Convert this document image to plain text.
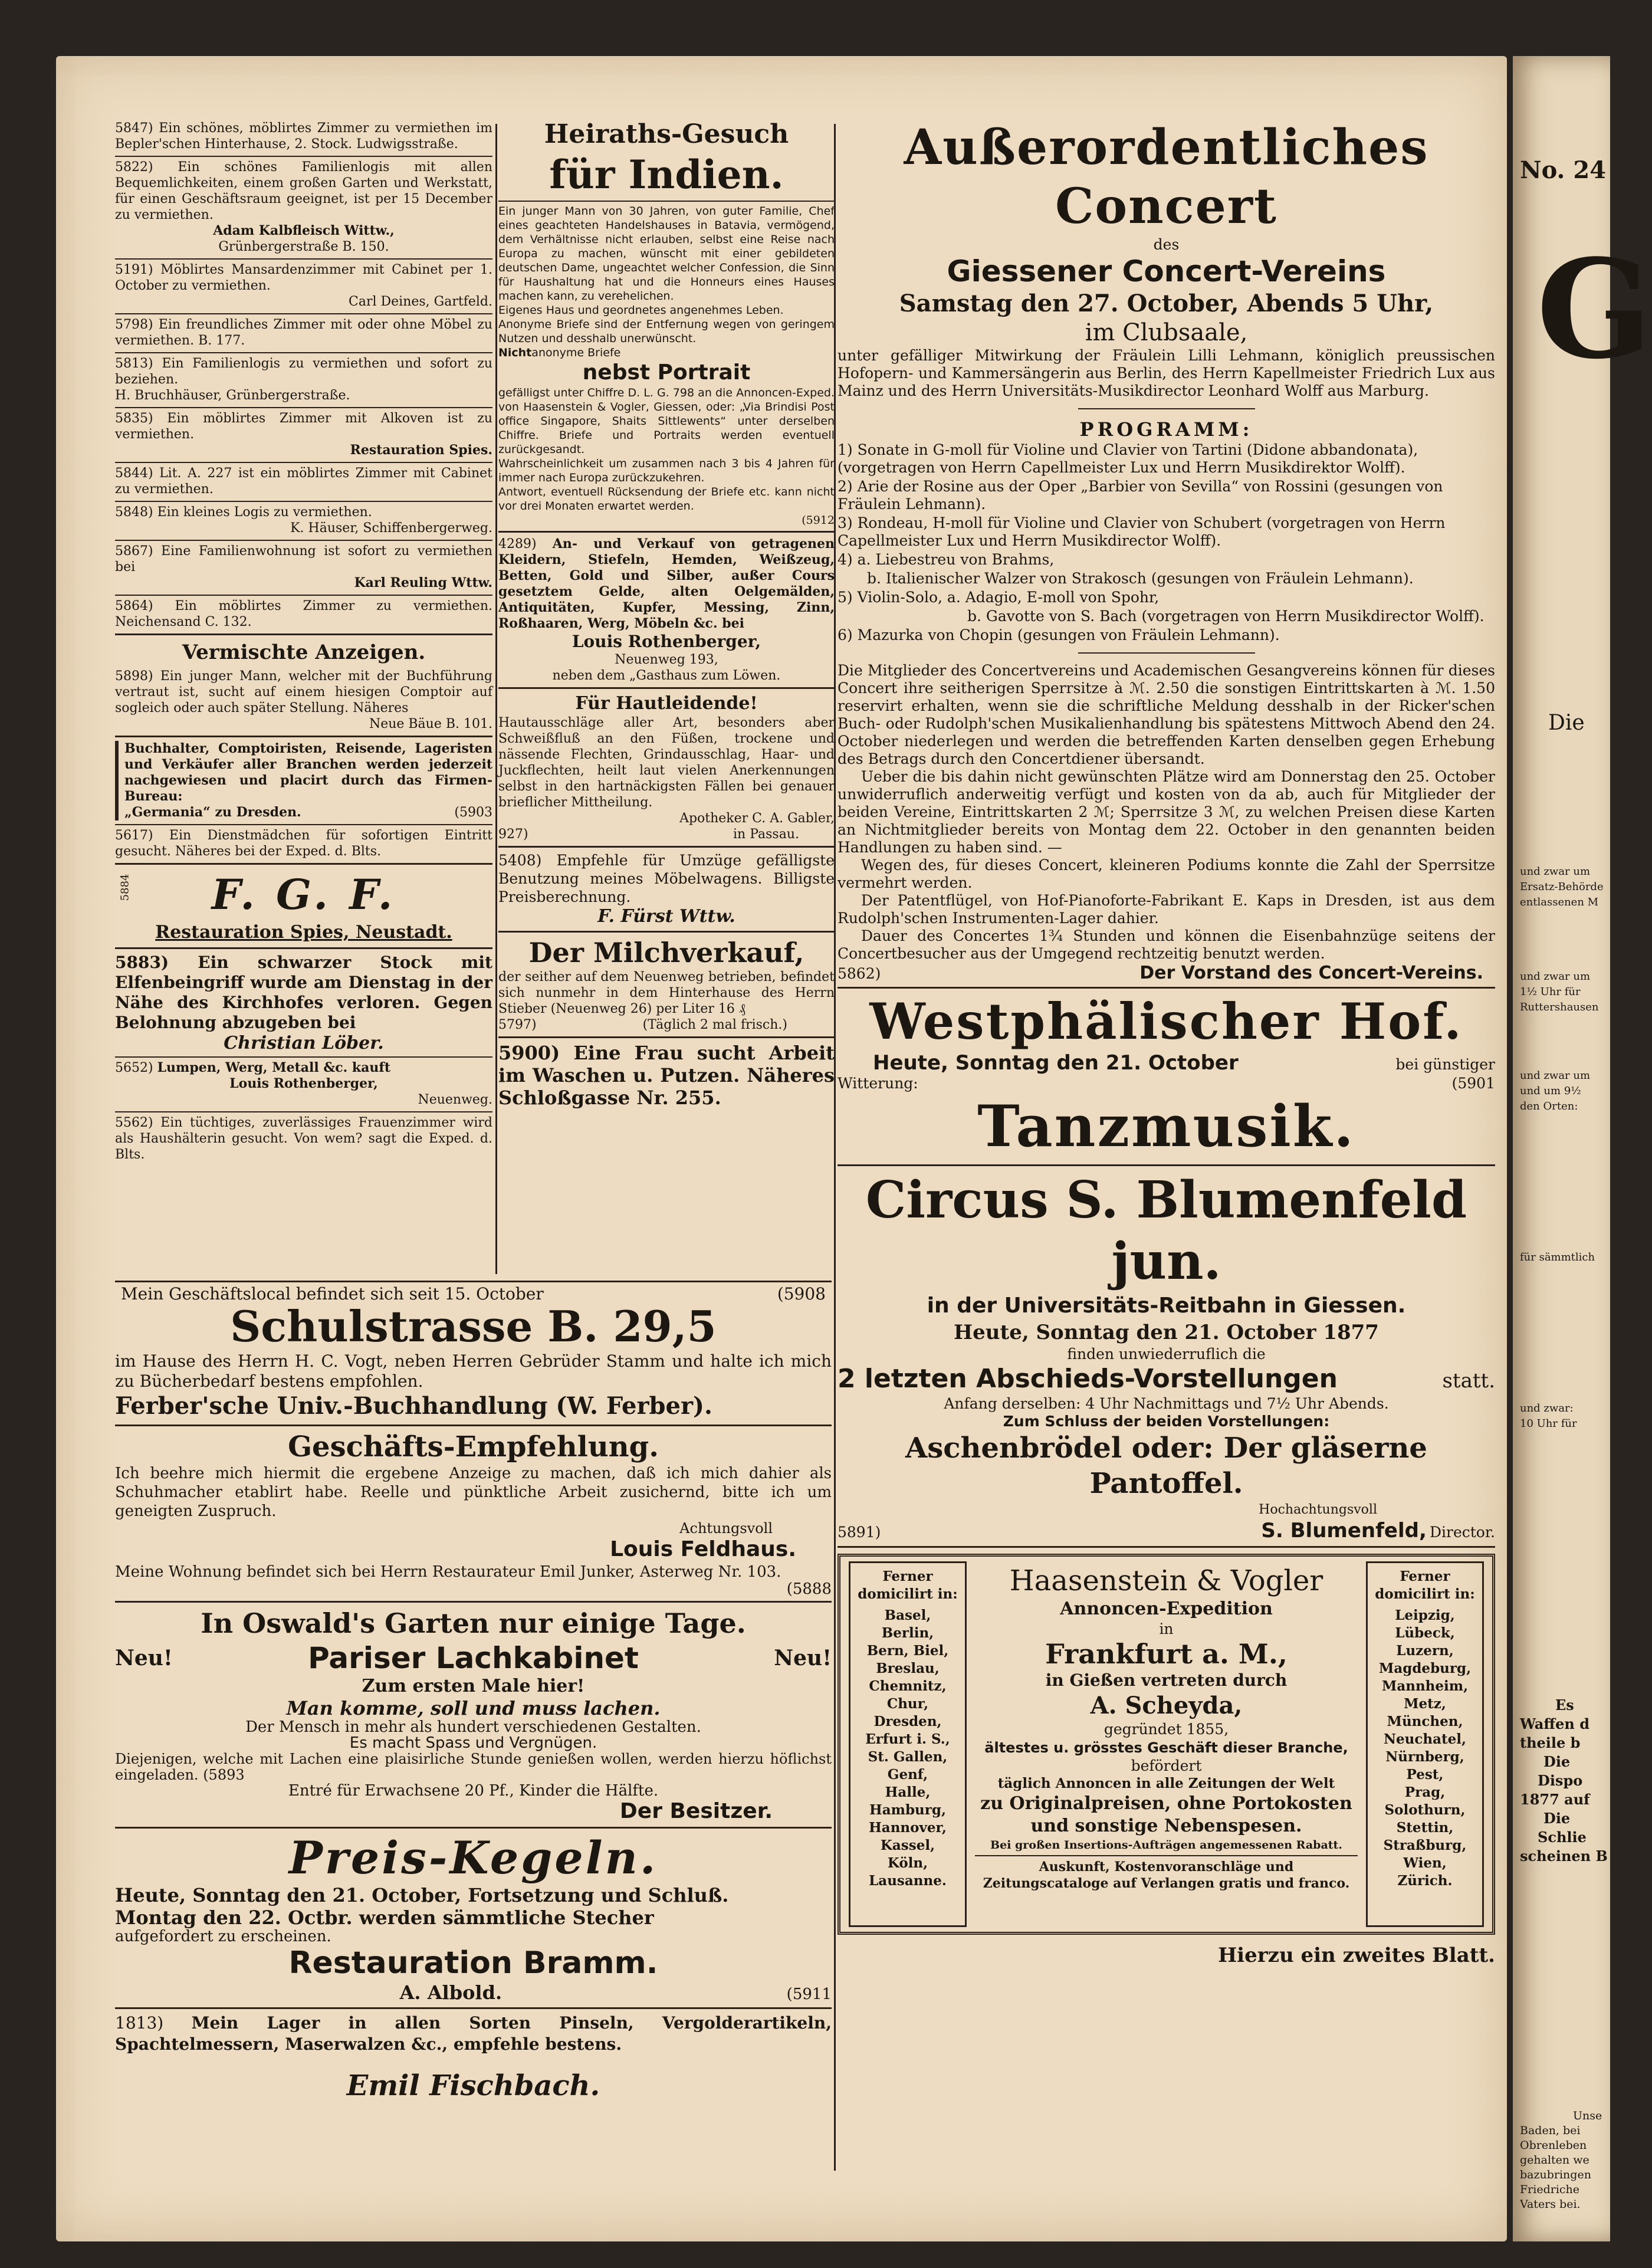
No. 24
G
Die
und zwar um
Ersatz-Behörde
entlassenen M
und zwar um
1½ Uhr für
Ruttershausen
und zwar um
und um 9½
den Orten:
für sämmtlich
und zwar:
10 Uhr für
Es
Waffen d
theile b
Die
Dispo
1877 auf
Die
Schlie
scheinen B
Unse
Baden, bei
Obrenleben
gehalten we
bazubringen
Friedriche
Vaters bei.

5847) Ein schönes, möblirtes Zimmer zu vermiethen im Bepler'schen Hinterhause, 2. Stock. Ludwigsstraße.

5822) Ein schönes Familienlogis mit allen Bequemlichkeiten, einem großen Garten und Werkstatt, für einen Geschäftsraum geeignet, ist per 15 December zu vermiethen.

Adam Kalbfleisch Wittw.,

Grünbergerstraße B. 150.

5191) Möblirtes Mansardenzimmer mit Cabinet per 1. October zu vermiethen.

Carl Deines, Gartfeld.

5798) Ein freundliches Zimmer mit oder ohne Möbel zu vermiethen. B. 177.

5813) Ein Familienlogis zu vermiethen und sofort zu beziehen.

H. Bruchhäuser, Grünbergerstraße.

5835) Ein möblirtes Zimmer mit Alkoven ist zu vermiethen.

Restauration Spies.

5844) Lit. A. 227 ist ein möblirtes Zimmer mit Cabinet zu vermiethen.

5848) Ein kleines Logis zu vermiethen.

K. Häuser, Schiffenbergerweg.

5867) Eine Familienwohnung ist sofort zu vermiethen bei

Karl Reuling Wttw.

5864) Ein möblirtes Zimmer zu vermiethen. Neichensand C. 132.

Vermischte Anzeigen.

5898) Ein junger Mann, welcher mit der Buchführung vertraut ist, sucht auf einem hiesigen Comptoir auf sogleich oder auch später Stellung. Näheres

Neue Bäue B. 101.

Buchhalter, Comptoiristen, Reisende, Lageristen und Verkäufer aller Branchen werden jederzeit nachgewiesen und placirt durch das Firmen-Bureau:

„Germania“ zu Dresden.	(5903

5617) Ein Dienstmädchen für sofortigen Eintritt gesucht. Näheres bei der Exped. d. Blts.

5884	F. G. F.

Restauration Spies, Neustadt.

5883) Ein schwarzer Stock mit Elfenbeingriff wurde am Dienstag in der Nähe des Kirchhofes verloren. Gegen Belohnung abzugeben bei

Christian Löber.

5652) Lumpen, Werg, Metall &c. kauft

Louis Rothenberger,

Neuenweg.

5562) Ein tüchtiges, zuverlässiges Frauenzimmer wird als Haushälterin gesucht. Von wem? sagt die Exped. d. Blts.

Heiraths-Gesuch

für Indien.

Ein junger Mann von 30 Jahren, von guter Familie, Chef eines geachteten Handelshauses in Batavia, vermögend, dem Verhältnisse nicht erlauben, selbst eine Reise nach Europa zu machen, wünscht mit einer gebildeten deutschen Dame, ungeachtet welcher Confession, die Sinn für Haushaltung hat und die Honneurs eines Hauses machen kann, zu verehelichen.

Eigenes Haus und geordnetes angenehmes Leben.

Anonyme Briefe sind der Entfernung wegen von geringem Nutzen und desshalb unerwünscht.

Nichtanonyme Briefe

nebst Portrait

gefälligst unter Chiffre D. L. G. 798 an die Annoncen-Exped. von Haasenstein & Vogler, Giessen, oder: „Via Brindisi Post office Singapore, Shaits Sittlewents“ unter derselben Chiffre. Briefe und Portraits werden eventuell zurückgesandt.

Wahrscheinlichkeit um zusammen nach 3 bis 4 Jahren für immer nach Europa zurückzukehren.

Antwort, eventuell Rücksendung der Briefe etc. kann nicht vor drei Monaten erwartet werden.

(5912

4289) An- und Verkauf von getragenen Kleidern, Stiefeln, Hemden, Weißzeug, Betten, Gold und Silber, außer Cours gesetztem Gelde, alten Oelgemälden, Antiquitäten, Kupfer, Messing, Zinn, Roßhaaren, Werg, Möbeln &c. bei

Louis Rothenberger,

Neuenweg 193,

neben dem „Gasthaus zum Löwen.

Für Hautleidende!

Hautausschläge aller Art, besonders aber Schweißfluß an den Füßen, trockene und nässende Flechten, Grindausschlag, Haar- und Juckflechten, heilt laut vielen Anerkennungen selbst in den hartnäckigsten Fällen bei genauer brieflicher Mittheilung.

Apotheker C. A. Gabler,

927)	in Passau.

5408) Empfehle für Umzüge gefälligste Benutzung meines Möbelwagens. Billigste Preisberechnung.

F. Fürst Wttw.

Der Milchverkauf,

der seither auf dem Neuenweg betrieben, befindet sich nunmehr in dem Hinterhause des Herrn Stieber (Neuenweg 26) per Liter 16 ₰

5797)	(Täglich 2 mal frisch.)

5900) Eine Frau sucht Arbeit im Waschen u. Putzen. Näheres Schloßgasse Nr. 255.

Mein Geschäftslocal befindet sich seit 15. October	(5908

Schulstrasse B. 29,5

im Hause des Herrn H. C. Vogt, neben Herren Gebrüder Stamm und halte ich mich zu Bücherbedarf bestens empfohlen.

Ferber'sche Univ.-Buchhandlung (W. Ferber).

Geschäfts-Empfehlung.

Ich beehre mich hiermit die ergebene Anzeige zu machen, daß ich mich dahier als Schuhmacher etablirt habe. Reelle und pünktliche Arbeit zusichernd, bitte ich um geneigten Zuspruch.

Achtungsvoll

Louis Feldhaus.

Meine Wohnung befindet sich bei Herrn Restaurateur Emil Junker, Asterweg Nr. 103.

(5888

In Oswald's Garten nur einige Tage.

Neu!	Pariser Lachkabinet	Neu!

Zum ersten Male hier!

Man komme, soll und muss lachen.

Der Mensch in mehr als hundert verschiedenen Gestalten.

Es macht Spass und Vergnügen.

Diejenigen, welche mit Lachen eine plaisirliche Stunde genießen wollen, werden hierzu höflichst eingeladen. (5893

Entré für Erwachsene 20 Pf., Kinder die Hälfte.

Der Besitzer.

Preis-Kegeln.

Heute, Sonntag den 21. October, Fortsetzung und Schluß.

Montag den 22. Octbr. werden sämmtliche Stecher

aufgefordert zu erscheinen.

Restauration Bramm.

A. Albold.	(5911

1813) Mein Lager in allen Sorten Pinseln, Vergolderartikeln, Spachtelmessern, Maserwalzen &c., empfehle bestens.

Emil Fischbach.

Außerordentliches Concert

des

Giessener Concert-Vereins

Samstag den 27. October, Abends 5 Uhr,

im Clubsaale,

unter gefälliger Mitwirkung der Fräulein Lilli Lehmann, königlich preussischen Hofopern- und Kammersängerin aus Berlin, des Herrn Kapellmeister Friedrich Lux aus Mainz und des Herrn Universitäts-Musikdirector Leonhard Wolff aus Marburg.

PROGRAMM:

1) Sonate in G-moll für Violine und Clavier von Tartini (Didone abbandonata), (vorgetragen von Herrn Capellmeister Lux und Herrn Musikdirektor Wolff).
2) Arie der Rosine aus der Oper „Barbier von Sevilla“ von Rossini (gesungen von Fräulein Lehmann).
3) Rondeau, H-moll für Violine und Clavier von Schubert (vorgetragen von Herrn Capellmeister Lux und Herrn Musikdirector Wolff).
4) a. Liebestreu von Brahms,
b. Italienischer Walzer von Strakosch (gesungen von Fräulein Lehmann).
5) Violin-Solo, a. Adagio, E-moll von Spohr,
b. Gavotte von S. Bach (vorgetragen von Herrn Musikdirector Wolff).
6) Mazurka von Chopin (gesungen von Fräulein Lehmann).

Die Mitglieder des Concertvereins und Academischen Gesangvereins können für dieses Concert ihre seitherigen Sperrsitze à ℳ. 2.50 die sonstigen Eintrittskarten à ℳ. 1.50 reservirt erhalten, wenn sie die schriftliche Meldung desshalb in der Ricker'schen Buch- oder Rudolph'schen Musikalienhandlung bis spätestens Mittwoch Abend den 24. October niederlegen und werden die betreffenden Karten denselben gegen Erhebung des Betrags durch den Concertdiener übersandt.

Ueber die bis dahin nicht gewünschten Plätze wird am Donnerstag den 25. October unwiderruflich anderweitig verfügt und kosten von da ab, auch für Mitglieder der beiden Vereine, Eintrittskarten 2 ℳ; Sperrsitze 3 ℳ, zu welchen Preisen diese Karten an Nichtmitglieder bereits von Montag dem 22. October in den genannten beiden Handlungen zu haben sind. —

Wegen des, für dieses Concert, kleineren Podiums konnte die Zahl der Sperrsitze vermehrt werden.

Der Patentflügel, von Hof-Pianoforte-Fabrikant E. Kaps in Dresden, ist aus dem Rudolph'schen Instrumenten-Lager dahier.

Dauer des Concertes 1¾ Stunden und können die Eisenbahnzüge seitens der Concertbesucher aus der Umgegend rechtzeitig benutzt werden.

5862)	Der Vorstand des Concert-Vereins.

Westphälischer Hof.

Heute, Sonntag den 21. October	bei günstiger
Witterung:	(5901

Tanzmusik.

Circus S. Blumenfeld jun.

in der Universitäts-Reitbahn in Giessen.

Heute, Sonntag den 21. October 1877

finden unwiederruflich die

2 letzten Abschieds-Vorstellungen	statt.

Anfang derselben: 4 Uhr Nachmittags und 7½ Uhr Abends.

Zum Schluss der beiden Vorstellungen:

Aschenbrödel oder: Der gläserne Pantoffel.

Hochachtungsvoll

5891)	S. Blumenfeld, Director.
Ferner domicilirt in:
Basel,
Berlin,
Bern, Biel,
Breslau,
Chemnitz,
Chur,
Dresden,
Erfurt i. S.,
St. Gallen,
Genf,
Halle,
Hamburg,
Hannover,
Kassel,
Köln,
Lausanne.

Haasenstein & Vogler

Annoncen-Expedition

in

Frankfurt a. M.,

in Gießen vertreten durch

A. Scheyda,

gegründet 1855,

ältestes u. grösstes Geschäft dieser Branche,

befördert

täglich Annoncen in alle Zeitungen der Welt

zu Originalpreisen, ohne Portokosten

und sonstige Nebenspesen.

Bei großen Insertions-Aufträgen angemessenen Rabatt.

Auskunft, Kostenvoranschläge und Zeitungscataloge auf Verlangen gratis und franco.

Ferner domicilirt in:
Leipzig,
Lübeck,
Luzern,
Magdeburg,
Mannheim,
Metz,
München,
Neuchatel,
Nürnberg,
Pest,
Prag,
Solothurn,
Stettin,
Straßburg,
Wien,
Zürich.

Hierzu ein zweites Blatt.
